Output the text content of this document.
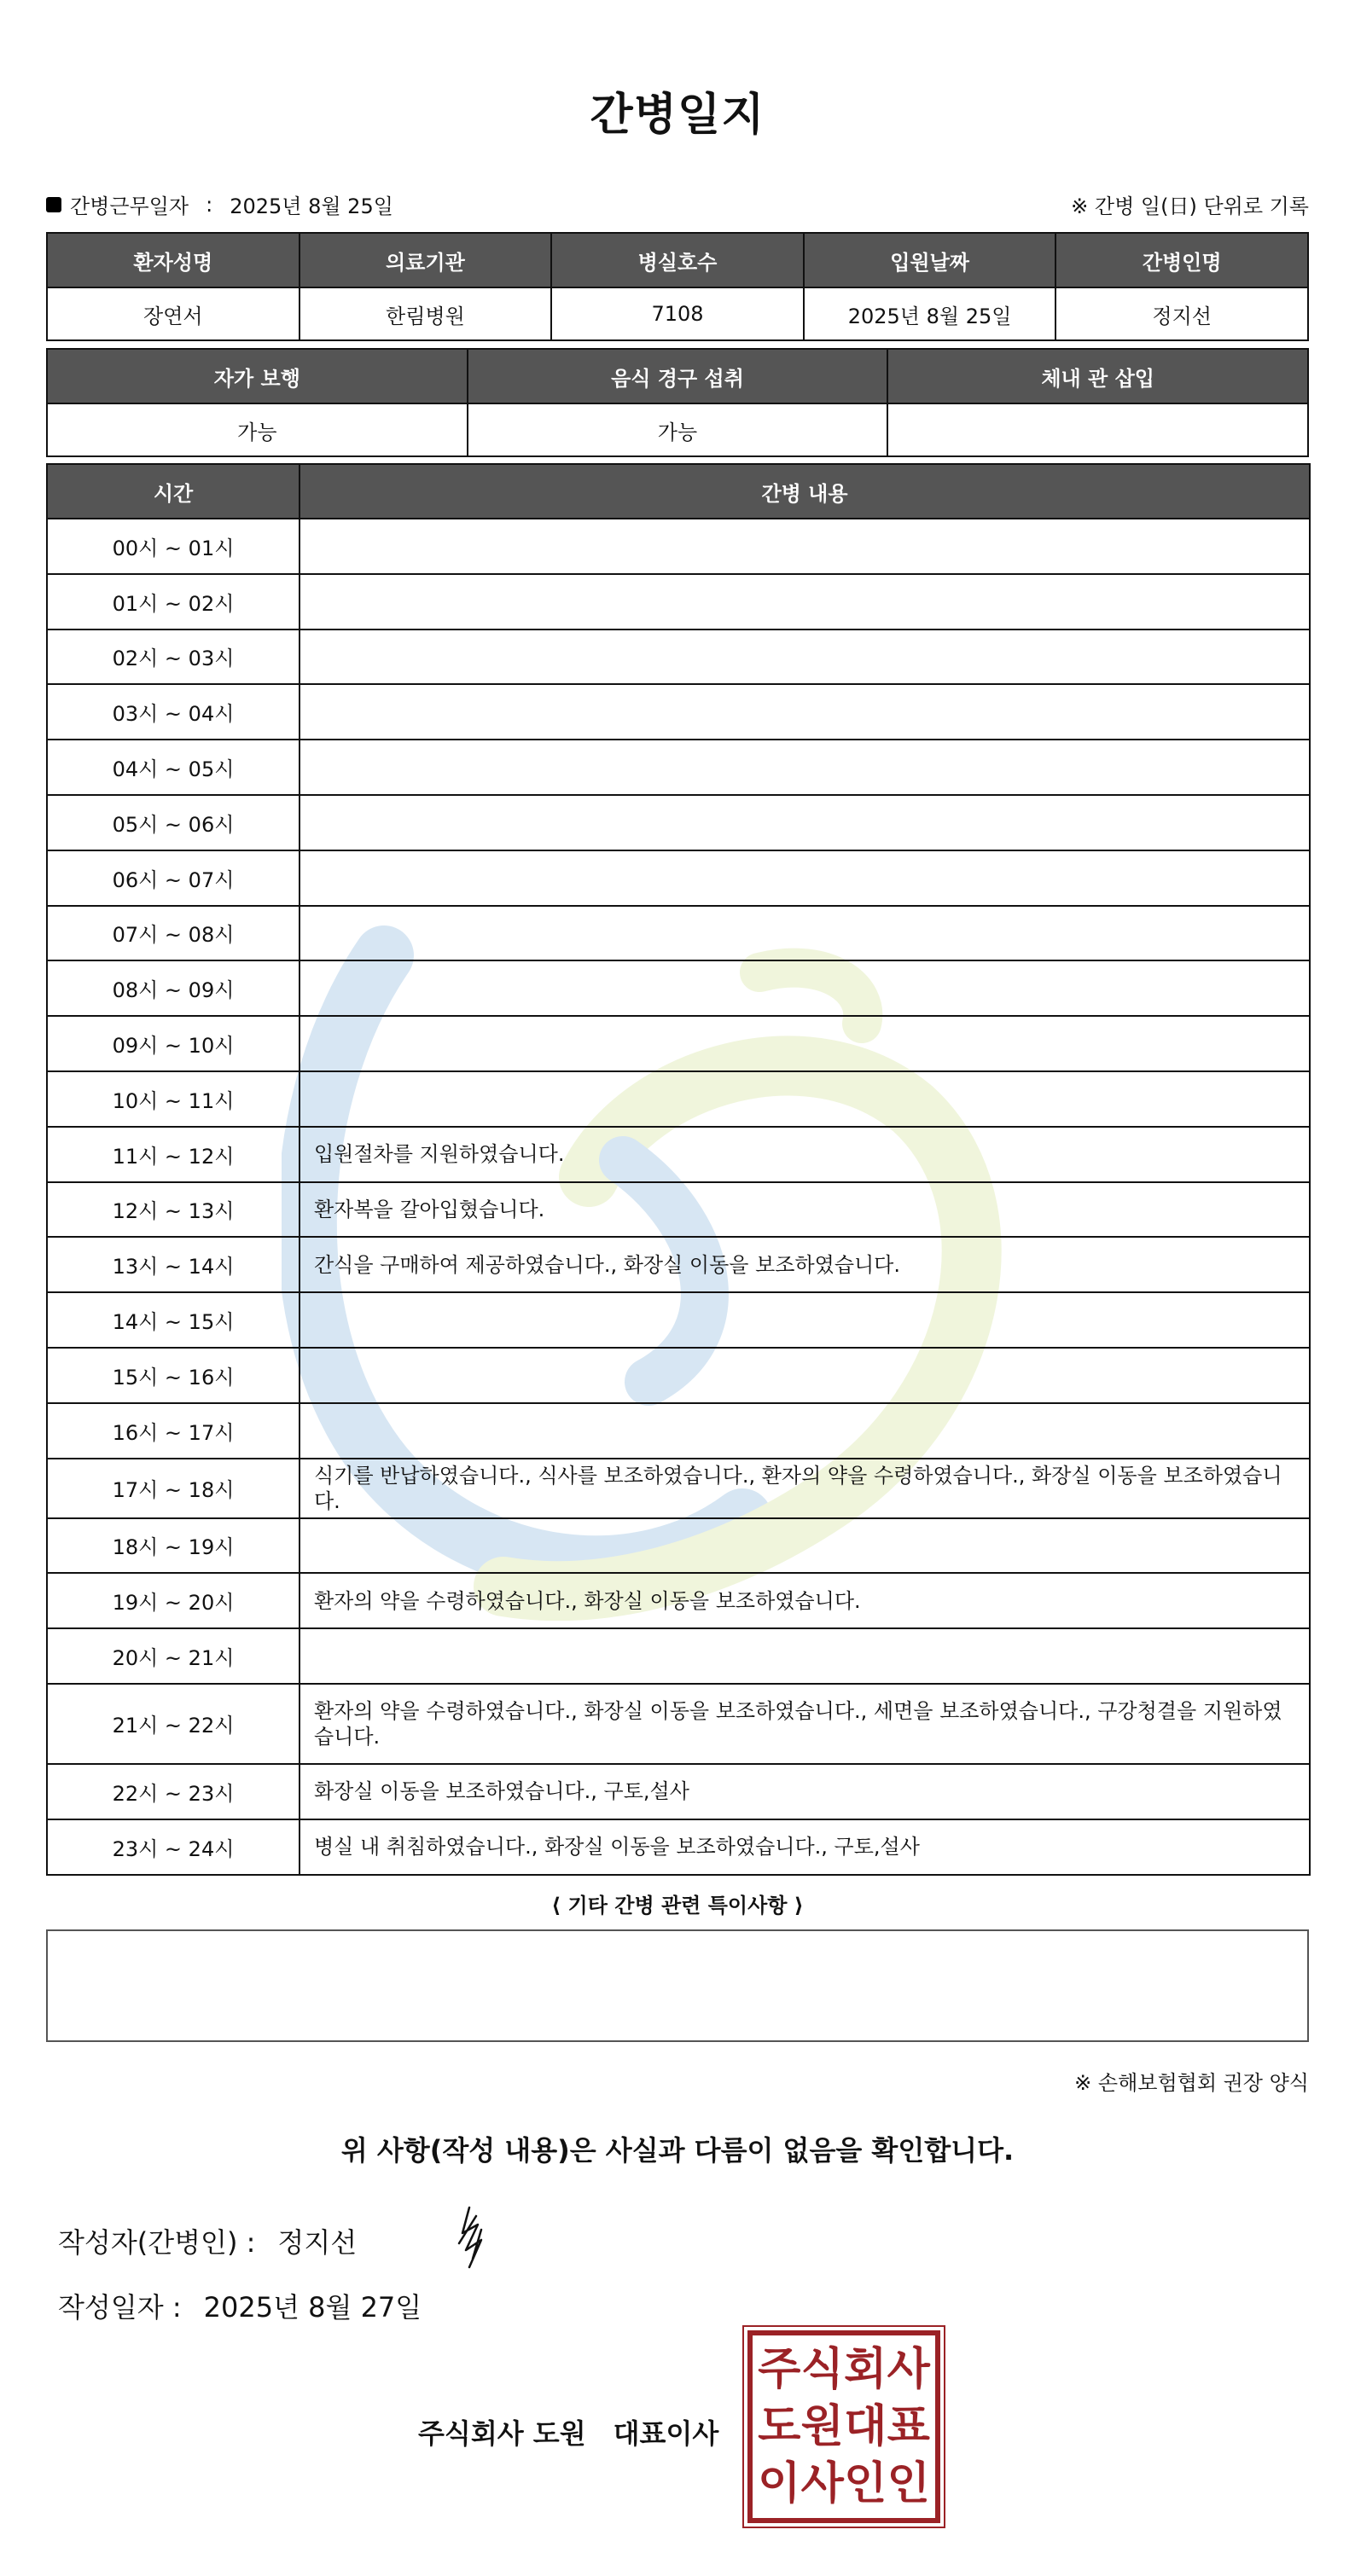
간병일지
간병근무일자 : 2025년 8월 25일	※ 간병 일(日) 단위로 기록
환자성명	의료기관	병실호수	입원날짜	간병인명
장연서	한림병원	7108	2025년 8월 25일	정지선
자가 보행	음식 경구 섭취	체내 관 삽입
가능	가능	
시간	간병 내용
00시 ~ 01시	
01시 ~ 02시	
02시 ~ 03시	
03시 ~ 04시	
04시 ~ 05시	
05시 ~ 06시	
06시 ~ 07시	
07시 ~ 08시	
08시 ~ 09시	
09시 ~ 10시	
10시 ~ 11시	
11시 ~ 12시	입원절차를 지원하였습니다.
12시 ~ 13시	환자복을 갈아입혔습니다.
13시 ~ 14시	간식을 구매하여 제공하였습니다., 화장실 이동을 보조하였습니다.
14시 ~ 15시	
15시 ~ 16시	
16시 ~ 17시	
17시 ~ 18시	식기를 반납하였습니다., 식사를 보조하였습니다., 환자의 약을 수령하였습니다., 화장실 이동을 보조하였습니다.
18시 ~ 19시	
19시 ~ 20시	환자의 약을 수령하였습니다., 화장실 이동을 보조하였습니다.
20시 ~ 21시	
21시 ~ 22시	환자의 약을 수령하였습니다., 화장실 이동을 보조하였습니다., 세면을 보조하였습니다., 구강청결을 지원하였습니다.
22시 ~ 23시	화장실 이동을 보조하였습니다., 구토,설사
23시 ~ 24시	병실 내 취침하였습니다., 화장실 이동을 보조하였습니다., 구토,설사
⟨ 기타 간병 관련 특이사항 ⟩
※ 손해보험협회 권장 양식
위 사항(작성 내용)은 사실과 다름이 없음을 확인합니다.
작성자(간병인) : 정지선
작성일자 : 2025년 8월 27일
주식회사 도원 대표이사
주 식 회 사
도 원 대 표
이 사 인 인
